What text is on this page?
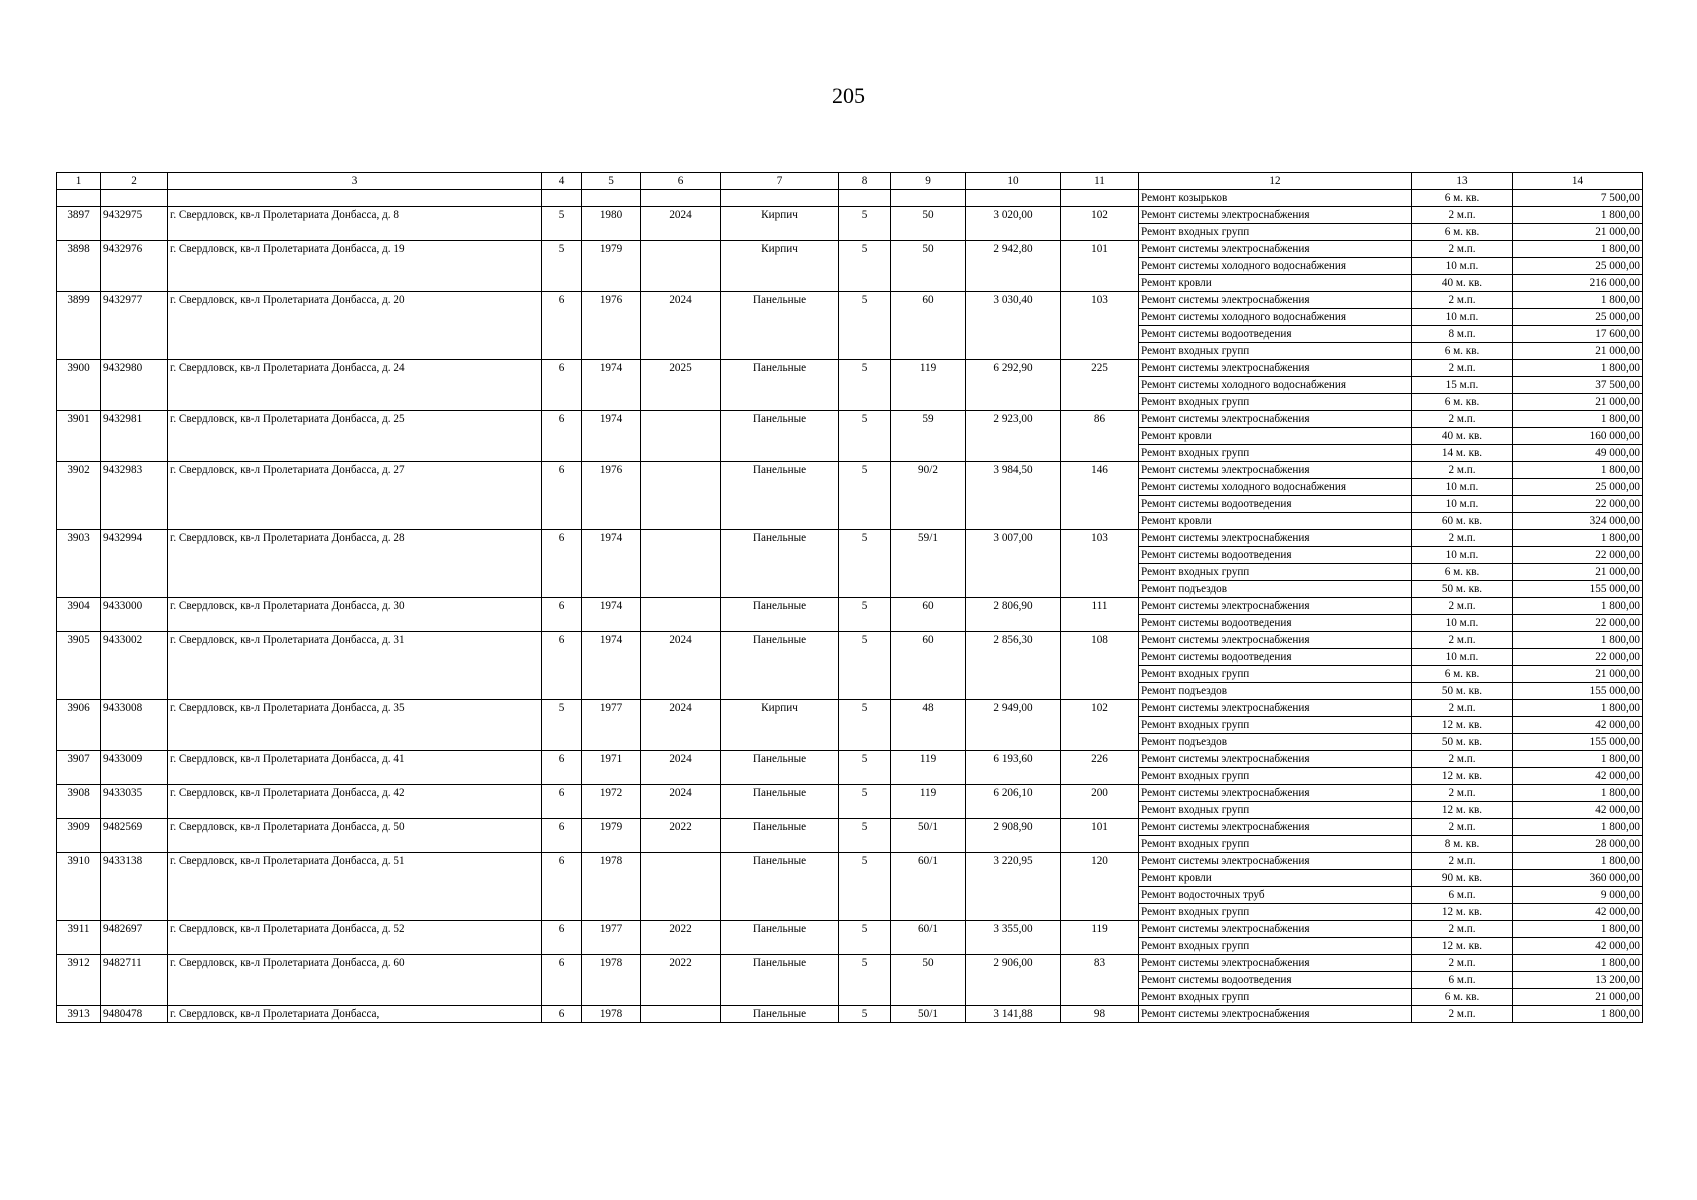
205
1	2	3	4	5	6	7	8	9	10	11	12	13	14
											Ремонт козырьков	6 м. кв.	7 500,00
3897	9432975	г. Свердловск, кв-л Пролетариата Донбасса, д. 8	5	1980	2024	Кирпич	5	50	3 020,00	102	Ремонт системы электроснабжения	2 м.п.	1 800,00
											Ремонт входных групп	6 м. кв.	21 000,00
3898	9432976	г. Свердловск, кв-л Пролетариата Донбасса, д. 19	5	1979		Кирпич	5	50	2 942,80	101	Ремонт системы электроснабжения	2 м.п.	1 800,00
											Ремонт системы холодного водоснабжения	10 м.п.	25 000,00
											Ремонт кровли	40 м. кв.	216 000,00
3899	9432977	г. Свердловск, кв-л Пролетариата Донбасса, д. 20	6	1976	2024	Панельные	5	60	3 030,40	103	Ремонт системы электроснабжения	2 м.п.	1 800,00
											Ремонт системы холодного водоснабжения	10 м.п.	25 000,00
											Ремонт системы водоотведения	8 м.п.	17 600,00
											Ремонт входных групп	6 м. кв.	21 000,00
3900	9432980	г. Свердловск, кв-л Пролетариата Донбасса, д. 24	6	1974	2025	Панельные	5	119	6 292,90	225	Ремонт системы электроснабжения	2 м.п.	1 800,00
											Ремонт системы холодного водоснабжения	15 м.п.	37 500,00
											Ремонт входных групп	6 м. кв.	21 000,00
3901	9432981	г. Свердловск, кв-л Пролетариата Донбасса, д. 25	6	1974		Панельные	5	59	2 923,00	86	Ремонт системы электроснабжения	2 м.п.	1 800,00
											Ремонт кровли	40 м. кв.	160 000,00
											Ремонт входных групп	14 м. кв.	49 000,00
3902	9432983	г. Свердловск, кв-л Пролетариата Донбасса, д. 27	6	1976		Панельные	5	90/2	3 984,50	146	Ремонт системы электроснабжения	2 м.п.	1 800,00
											Ремонт системы холодного водоснабжения	10 м.п.	25 000,00
											Ремонт системы водоотведения	10 м.п.	22 000,00
											Ремонт кровли	60 м. кв.	324 000,00
3903	9432994	г. Свердловск, кв-л Пролетариата Донбасса, д. 28	6	1974		Панельные	5	59/1	3 007,00	103	Ремонт системы электроснабжения	2 м.п.	1 800,00
											Ремонт системы водоотведения	10 м.п.	22 000,00
											Ремонт входных групп	6 м. кв.	21 000,00
											Ремонт подъездов	50 м. кв.	155 000,00
3904	9433000	г. Свердловск, кв-л Пролетариата Донбасса, д. 30	6	1974		Панельные	5	60	2 806,90	111	Ремонт системы электроснабжения	2 м.п.	1 800,00
											Ремонт системы водоотведения	10 м.п.	22 000,00
3905	9433002	г. Свердловск, кв-л Пролетариата Донбасса, д. 31	6	1974	2024	Панельные	5	60	2 856,30	108	Ремонт системы электроснабжения	2 м.п.	1 800,00
											Ремонт системы водоотведения	10 м.п.	22 000,00
											Ремонт входных групп	6 м. кв.	21 000,00
											Ремонт подъездов	50 м. кв.	155 000,00
3906	9433008	г. Свердловск, кв-л Пролетариата Донбасса, д. 35	5	1977	2024	Кирпич	5	48	2 949,00	102	Ремонт системы электроснабжения	2 м.п.	1 800,00
											Ремонт входных групп	12 м. кв.	42 000,00
											Ремонт подъездов	50 м. кв.	155 000,00
3907	9433009	г. Свердловск, кв-л Пролетариата Донбасса, д. 41	6	1971	2024	Панельные	5	119	6 193,60	226	Ремонт системы электроснабжения	2 м.п.	1 800,00
											Ремонт входных групп	12 м. кв.	42 000,00
3908	9433035	г. Свердловск, кв-л Пролетариата Донбасса, д. 42	6	1972	2024	Панельные	5	119	6 206,10	200	Ремонт системы электроснабжения	2 м.п.	1 800,00
											Ремонт входных групп	12 м. кв.	42 000,00
3909	9482569	г. Свердловск, кв-л Пролетариата Донбасса, д. 50	6	1979	2022	Панельные	5	50/1	2 908,90	101	Ремонт системы электроснабжения	2 м.п.	1 800,00
											Ремонт входных групп	8 м. кв.	28 000,00
3910	9433138	г. Свердловск, кв-л Пролетариата Донбасса, д. 51	6	1978		Панельные	5	60/1	3 220,95	120	Ремонт системы электроснабжения	2 м.п.	1 800,00
											Ремонт кровли	90 м. кв.	360 000,00
											Ремонт водосточных труб	6 м.п.	9 000,00
											Ремонт входных групп	12 м. кв.	42 000,00
3911	9482697	г. Свердловск, кв-л Пролетариата Донбасса, д. 52	6	1977	2022	Панельные	5	60/1	3 355,00	119	Ремонт системы электроснабжения	2 м.п.	1 800,00
											Ремонт входных групп	12 м. кв.	42 000,00
3912	9482711	г. Свердловск, кв-л Пролетариата Донбасса, д. 60	6	1978	2022	Панельные	5	50	2 906,00	83	Ремонт системы электроснабжения	2 м.п.	1 800,00
											Ремонт системы водоотведения	6 м.п.	13 200,00
											Ремонт входных групп	6 м. кв.	21 000,00
3913	9480478	г. Свердловск, кв-л Пролетариата Донбасса,	6	1978		Панельные	5	50/1	3 141,88	98	Ремонт системы электроснабжения	2 м.п.	1 800,00
